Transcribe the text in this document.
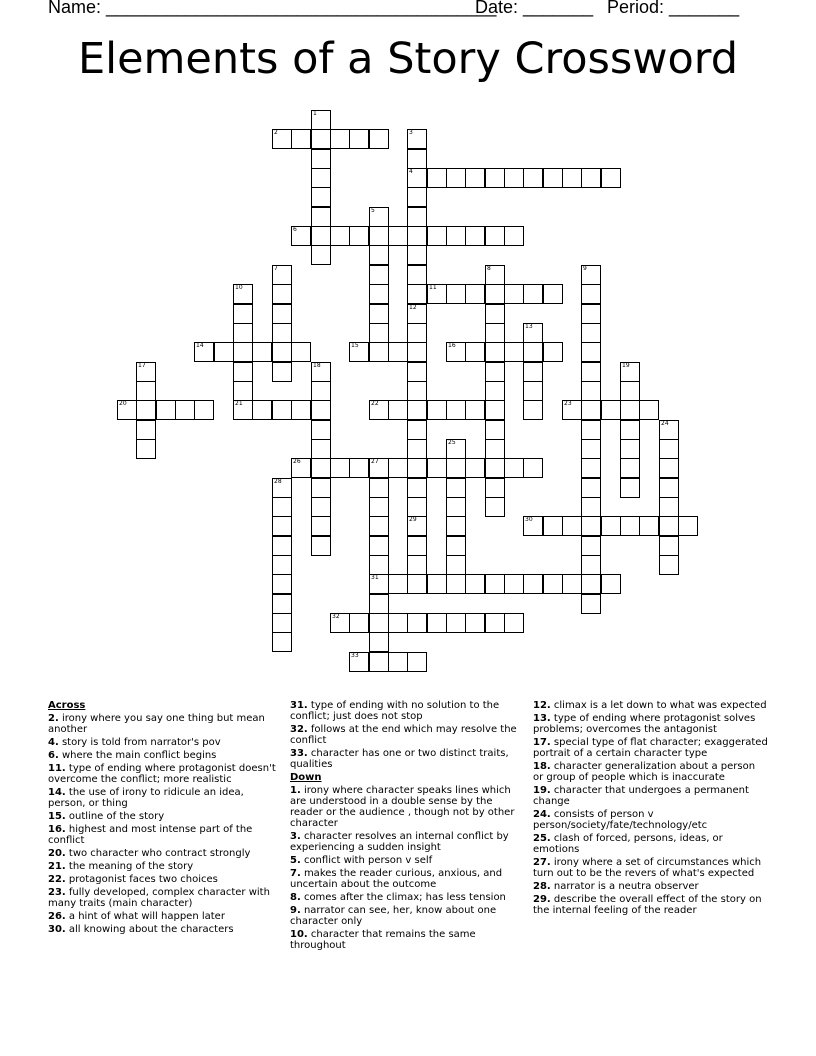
Name: _______________________________________
Date: _______ Period: _______
Elements of a Story Crossword
1
2	3
4
5
6
7	8	9
10
21
11
12
13
14	15	16
17	18	19
20	22	23
24
25
26	27
31
28
29	30
32
33
Across
2. irony where you say one thing but mean another
4. story is told from narrator's pov
6. where the main conflict begins
11. type of ending where protagonist doesn't overcome the conflict; more realistic
14. the use of irony to ridicule an idea, person, or thing
15. outline of the story
16. highest and most intense part of the conflict
20. two character who contract strongly
21. the meaning of the story
22. protagonist faces two choices
23. fully developed, complex character with many traits (main character)
26. a hint of what will happen later
30. all knowing about the characters
31. type of ending with no solution to the conflict; just does not stop
32. follows at the end which may resolve the conflict
33. character has one or two distinct traits, qualities
Down
1. irony where character speaks lines which are understood in a double sense by the reader or the audience , though not by other character
3. character resolves an internal conflict by experiencing a sudden insight
5. conflict with person v self
7. makes the reader curious, anxious, and uncertain about the outcome
8. comes after the climax; has less tension
9. narrator can see, her, know about one character only
10. character that remains the same throughout
12. climax is a let down to what was expected
13. type of ending where protagonist solves problems; overcomes the antagonist
17. special type of flat character; exaggerated portrait of a certain character type
18. character generalization about a person or group of people which is inaccurate
19. character that undergoes a permanent change
24. consists of person v person/society/fate/technology/etc
25. clash of forced, persons, ideas, or emotions
27. irony where a set of circumstances which turn out to be the revers of what's expected
28. narrator is a neutra observer
29. describe the overall effect of the story on the internal feeling of the reader
